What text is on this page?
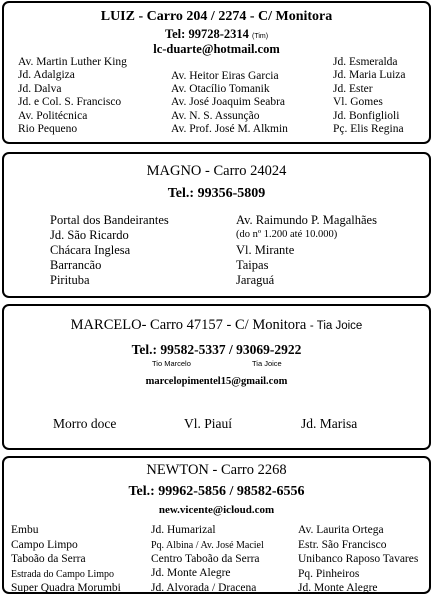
LUIZ - Carro 204 / 2274 - C/ Monitora
Tel: 99728-2314 (Tim)
lc-duarte@hotmail.com
Av. Martin Luther King
Jd. Adalgiza
Jd. Dalva
Jd. e Col. S. Francisco
Av. Politécnica
Rio Pequeno
Av. Heitor Eiras Garcia
Av. Otacílio Tomanik
Av. José Joaquim Seabra
Av. N. S. Assunção
Av. Prof. José M. Alkmin
Jd. Esmeralda
Jd. Maria Luiza
Jd. Ester
Vl. Gomes
Jd. Bonfiglioli
Pç. Elis Regina
MAGNO - Carro 24024
Tel.: 99356-5809
Portal dos Bandeirantes
Jd. São Ricardo
Chácara Inglesa
Barrancão
Pirituba
Av. Raimundo P. Magalhães
(do nº 1.200 até 10.000)
Vl. Mirante
Taipas
Jaraguá
MARCELO- Carro 47157 - C/ Monitora - Tia Joice
Tel.: 99582-5337 / 93069-2922
Tio Marcelo	Tia Joice
marcelopimentel15@gmail.com
Morro doce	Vl. Piauí	Jd. Marisa
NEWTON - Carro 2268
Tel.: 99962-5856 / 98582-6556
new.vicente@icloud.com
Embu
Campo Limpo
Taboão da Serra
Estrada do Campo Limpo
Super Quadra Morumbi
Jd. Humarizal
Pq. Albina / Av. José Maciel
Centro Taboão da Serra
Jd. Monte Alegre
Jd. Alvorada / Dracena
Av. Laurita Ortega
Estr. São Francisco
Unibanco Raposo Tavares
Pq. Pinheiros
Jd. Monte Alegre
